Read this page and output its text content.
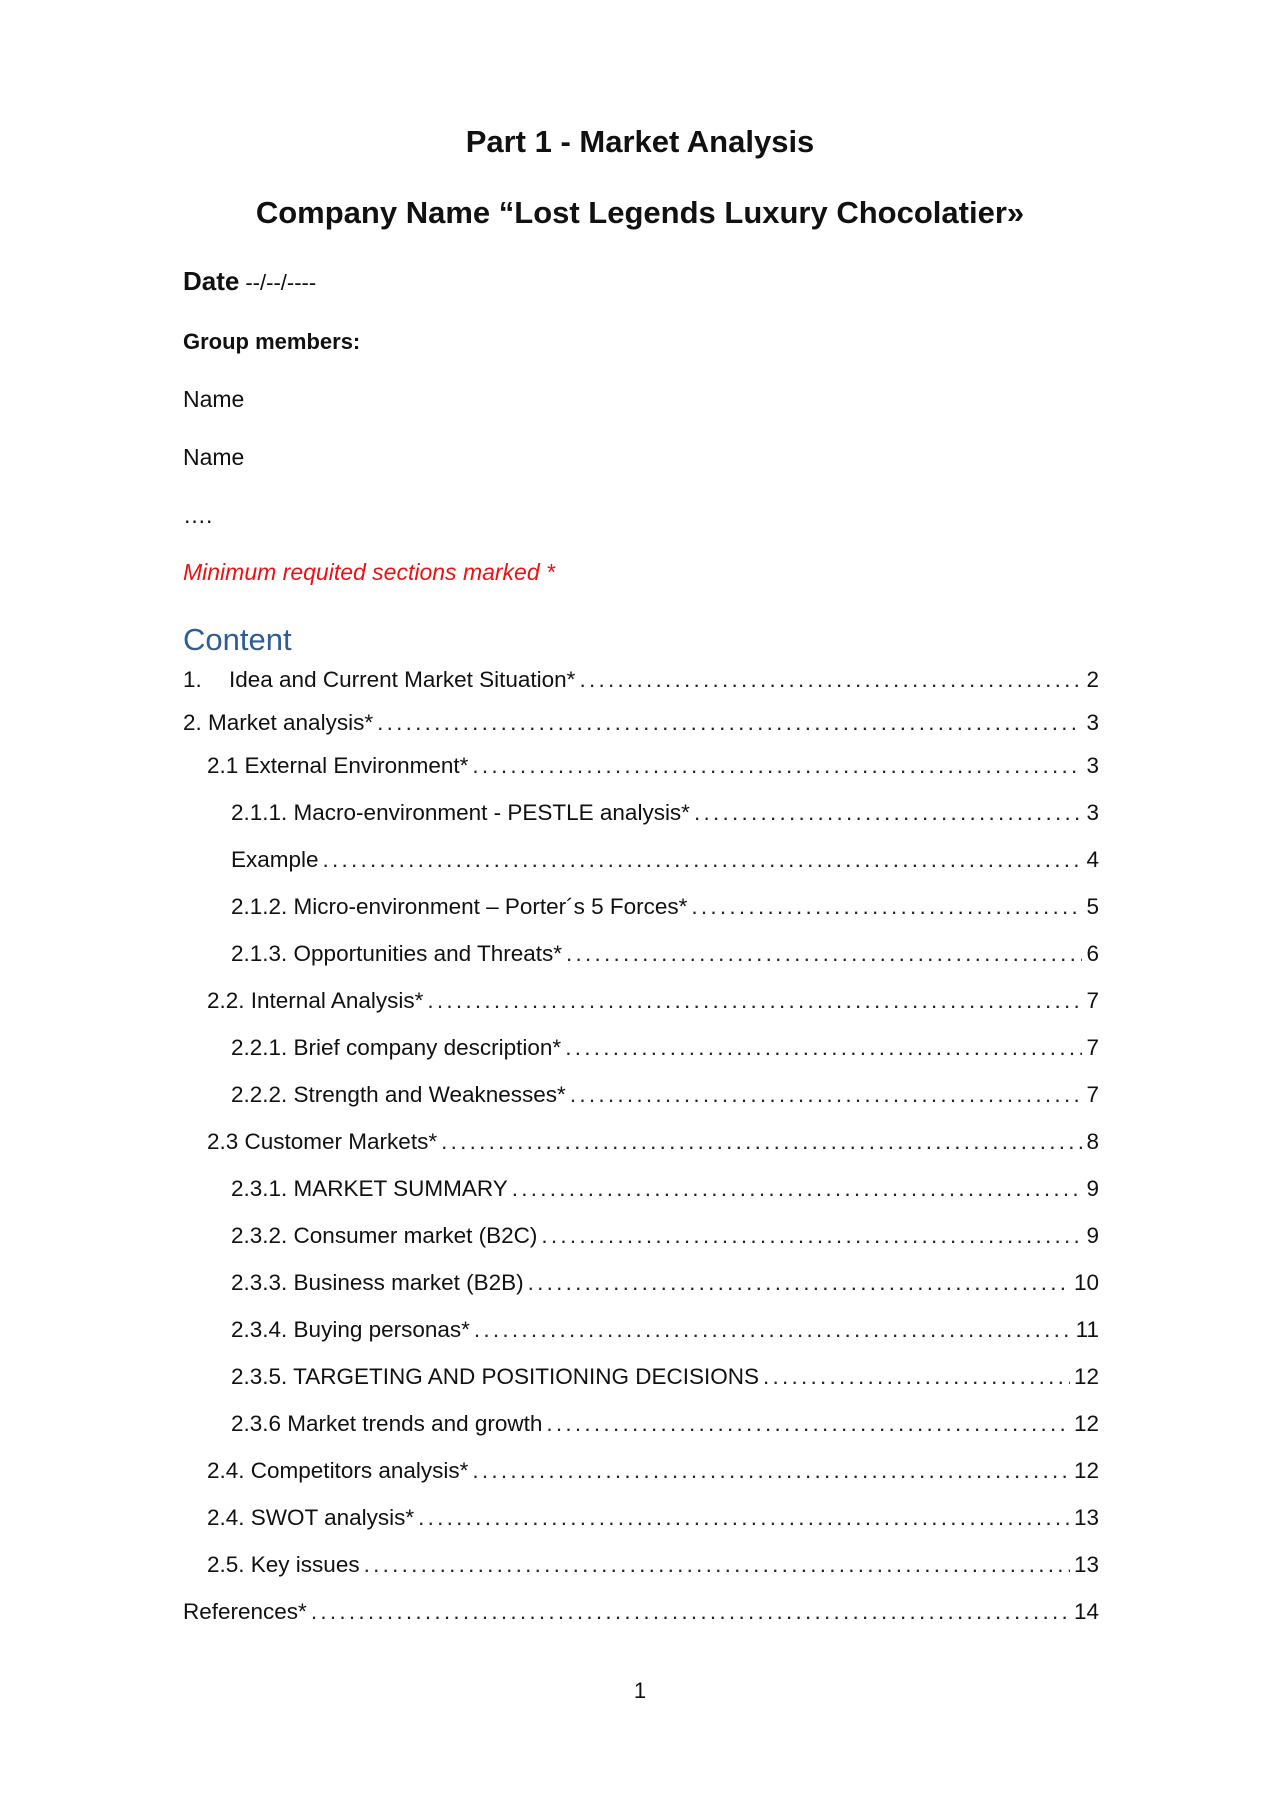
Part 1 - Market Analysis
Company Name “Lost Legends Luxury Chocolatier»
Date --/--/----
Group members:
Name
Name
….
Minimum requited sections marked *
Content
1.	Idea and Current Market Situation* . . .	2
2. Market analysis* . . .	3
2.1 External Environment* . . .	3
2.1.1. Macro-environment - PESTLE analysis* . . .	3
Example . . .	4
2.1.2. Micro-environment – Porter´s 5 Forces* . . .	5
2.1.3. Opportunities and Threats* . . .	6
2.2. Internal Analysis* . . .	7
2.2.1. Brief company description* . . .	7
2.2.2. Strength and Weaknesses* . . .	7
2.3 Customer Markets* . . .	8
2.3.1. MARKET SUMMARY . . .	9
2.3.2. Consumer market (B2C) . . .	9
2.3.3. Business market (B2B) . . .	10
2.3.4. Buying personas* . . .	11
2.3.5. TARGETING AND POSITIONING DECISIONS . . .	12
2.3.6 Market trends and growth . . .	12
2.4. Competitors analysis* . . .	12
2.4. SWOT analysis* . . .	13
2.5. Key issues . . .	13
References* . . .	14
1
